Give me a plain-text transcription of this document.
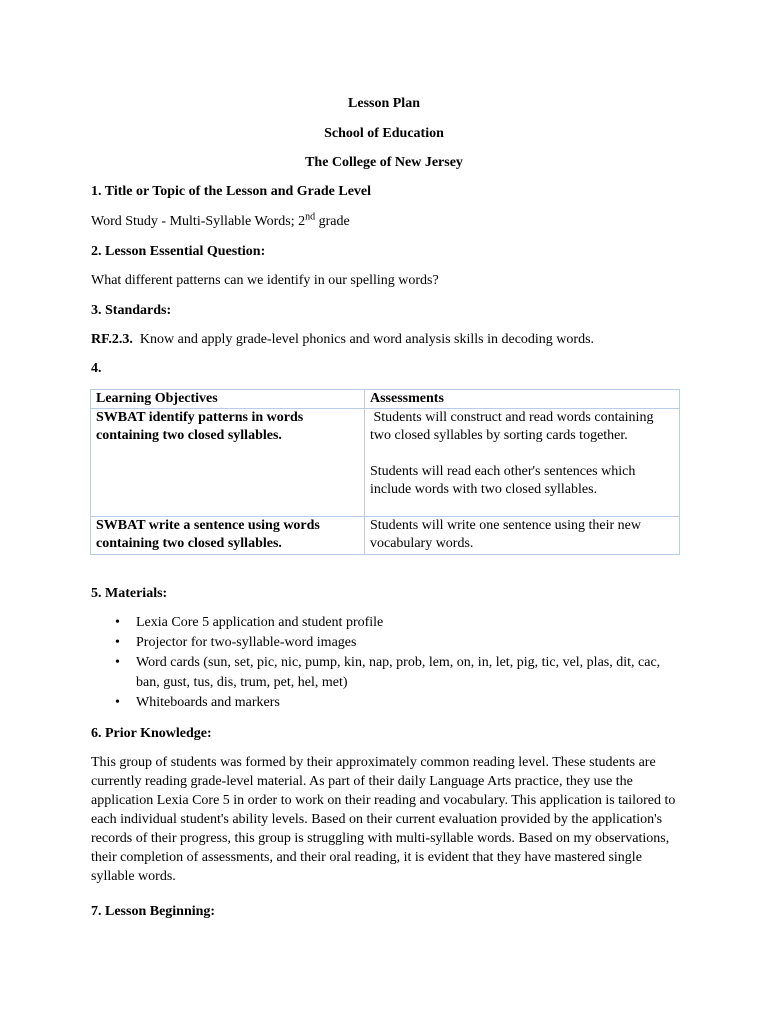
Lesson Plan
School of Education
The College of New Jersey
1. Title or Topic of the Lesson and Grade Level
Word Study - Multi-Syllable Words; 2nd grade
2. Lesson Essential Question:
What different patterns can we identify in our spelling words?
3. Standards:
RF.2.3.  Know and apply grade-level phonics and word analysis skills in decoding words.
4.
Learning Objectives	Assessments
SWBAT identify patterns in words containing two closed syllables.	Students will construct and read words containing two closed syllables by sorting cards together.
Students will read each other's sentences which include words with two closed syllables.

SWBAT write a sentence using words containing two closed syllables.	Students will write one sentence using their new vocabulary words.
5. Materials:
• Lexia Core 5 application and student profile
• Projector for two-syllable-word images
• Word cards (sun, set, pic, nic, pump, kin, nap, prob, lem, on, in, let, pig, tic, vel, plas, dit, cac, ban, gust, tus, dis, trum, pet, hel, met)
• Whiteboards and markers
6. Prior Knowledge:
This group of students was formed by their approximately common reading level. These students are currently reading grade-level material. As part of their daily Language Arts practice, they use the application Lexia Core 5 in order to work on their reading and vocabulary. This application is tailored to each individual student's ability levels. Based on their current evaluation provided by the application's records of their progress, this group is struggling with multi-syllable words. Based on my observations, their completion of assessments, and their oral reading, it is evident that they have mastered single syllable words.
7. Lesson Beginning:
